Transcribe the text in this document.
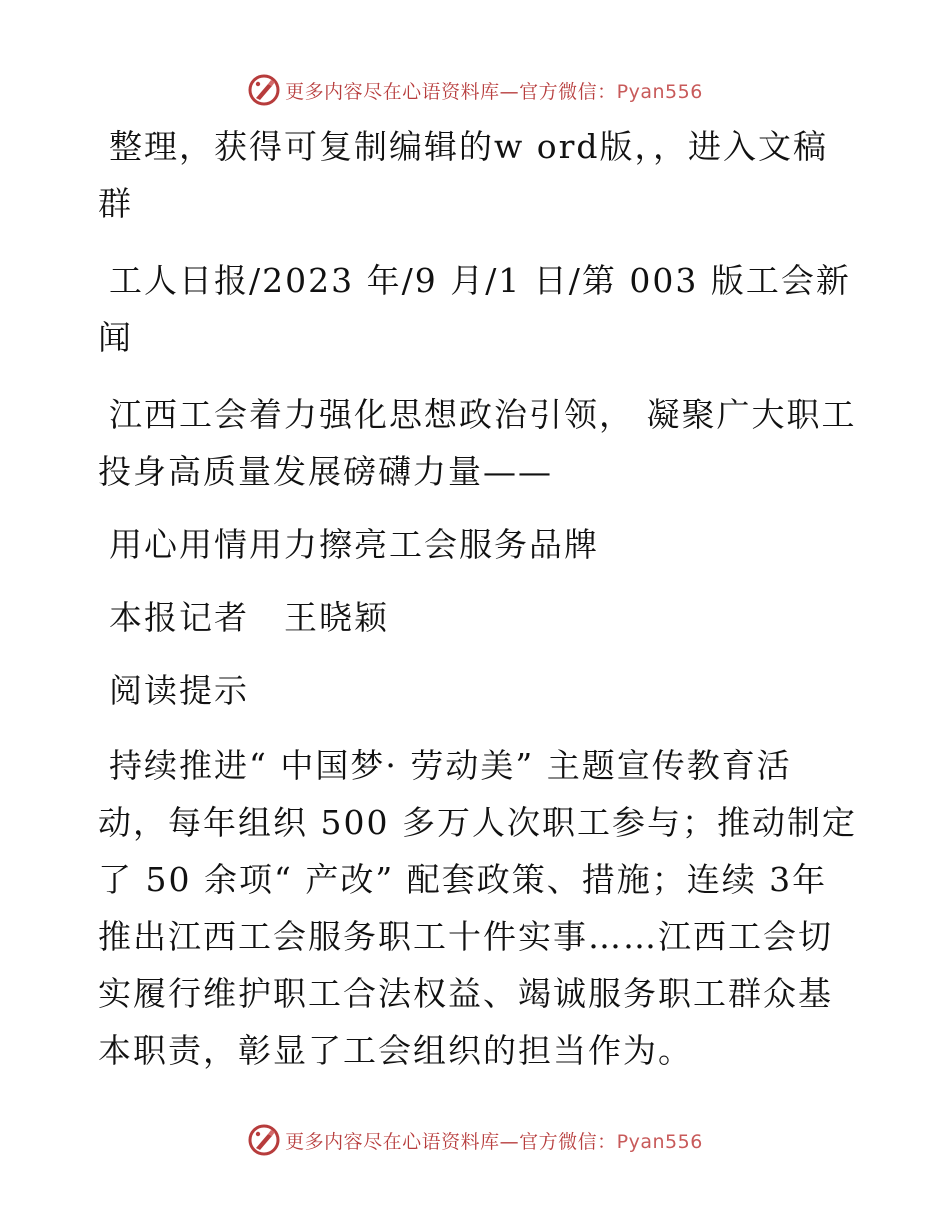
更多内容尽在心语资料库—官方微信：Pyan556

整理，获得可复制编辑的w ord版，，进入文稿群

工人日报/2023 年/9 月/1 日/第 003 版工会新闻

江西工会着力强化思想政治引领， 凝聚广大职工投身高质量发展磅礴力量——

用心用情用力擦亮工会服务品牌

本报记者　王晓颖

阅读提示

持续推进“ 中国梦· 劳动美” 主题宣传教育活动，每年组织 500 多万人次职工参与；推动制定了 50 余项“ 产改” 配套政策、措施；连续 3年推出江西工会服务职工十件实事……江西工会切实履行维护职工合法权益、竭诚服务职工群众基本职责，彰显了工会组织的担当作为。

更多内容尽在心语资料库—官方微信：Pyan556
